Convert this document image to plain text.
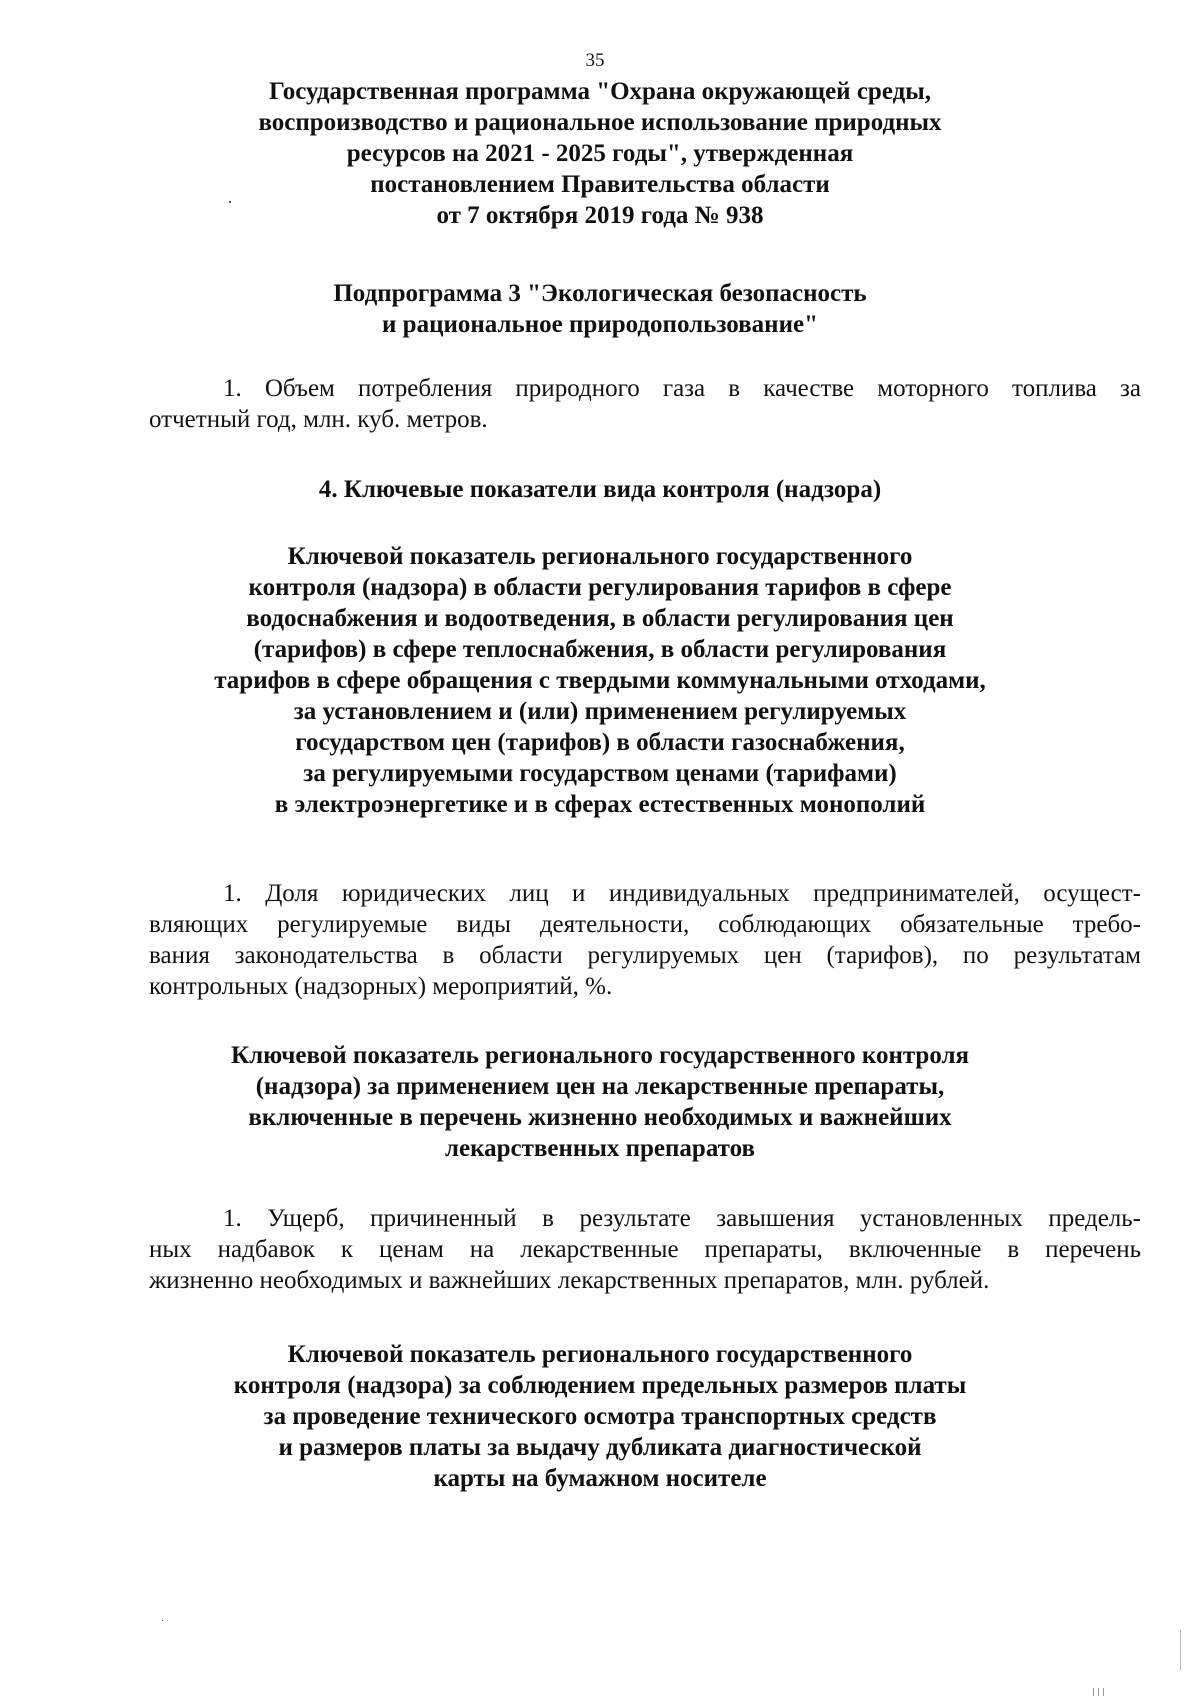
35
Государственная программа "Охрана окружающей среды,
воспроизводство и рациональное использование природных
ресурсов на 2021 - 2025 годы", утвержденная
постановлением Правительства области
от 7 октября 2019 года № 938
Подпрограмма 3 "Экологическая безопасность
и рациональное природопользование"
1. Объем потребления природного газа в качестве моторного топлива за
отчетный год, млн. куб. метров.
4. Ключевые показатели вида контроля (надзора)
Ключевой показатель регионального государственного
контроля (надзора) в области регулирования тарифов в сфере
водоснабжения и водоотведения, в области регулирования цен
(тарифов) в сфере теплоснабжения, в области регулирования
тарифов в сфере обращения с твердыми коммунальными отходами,
за установлением и (или) применением регулируемых
государством цен (тарифов) в области газоснабжения,
за регулируемыми государством ценами (тарифами)
в электроэнергетике и в сферах естественных монополий
1. Доля юридических лиц и индивидуальных предпринимателей, осущест-
вляющих регулируемые виды деятельности, соблюдающих обязательные требо-
вания законодательства в области регулируемых цен (тарифов), по результатам
контрольных (надзорных) мероприятий, %.
Ключевой показатель регионального государственного контроля
(надзора) за применением цен на лекарственные препараты,
включенные в перечень жизненно необходимых и важнейших
лекарственных препаратов
1. Ущерб, причиненный в результате завышения установленных предель-
ных надбавок к ценам на лекарственные препараты, включенные в перечень
жизненно необходимых и важнейших лекарственных препаратов, млн. рублей.
Ключевой показатель регионального государственного
контроля (надзора) за соблюдением предельных размеров платы
за проведение технического осмотра транспортных средств
и размеров платы за выдачу дубликата диагностической
карты на бумажном носителе
